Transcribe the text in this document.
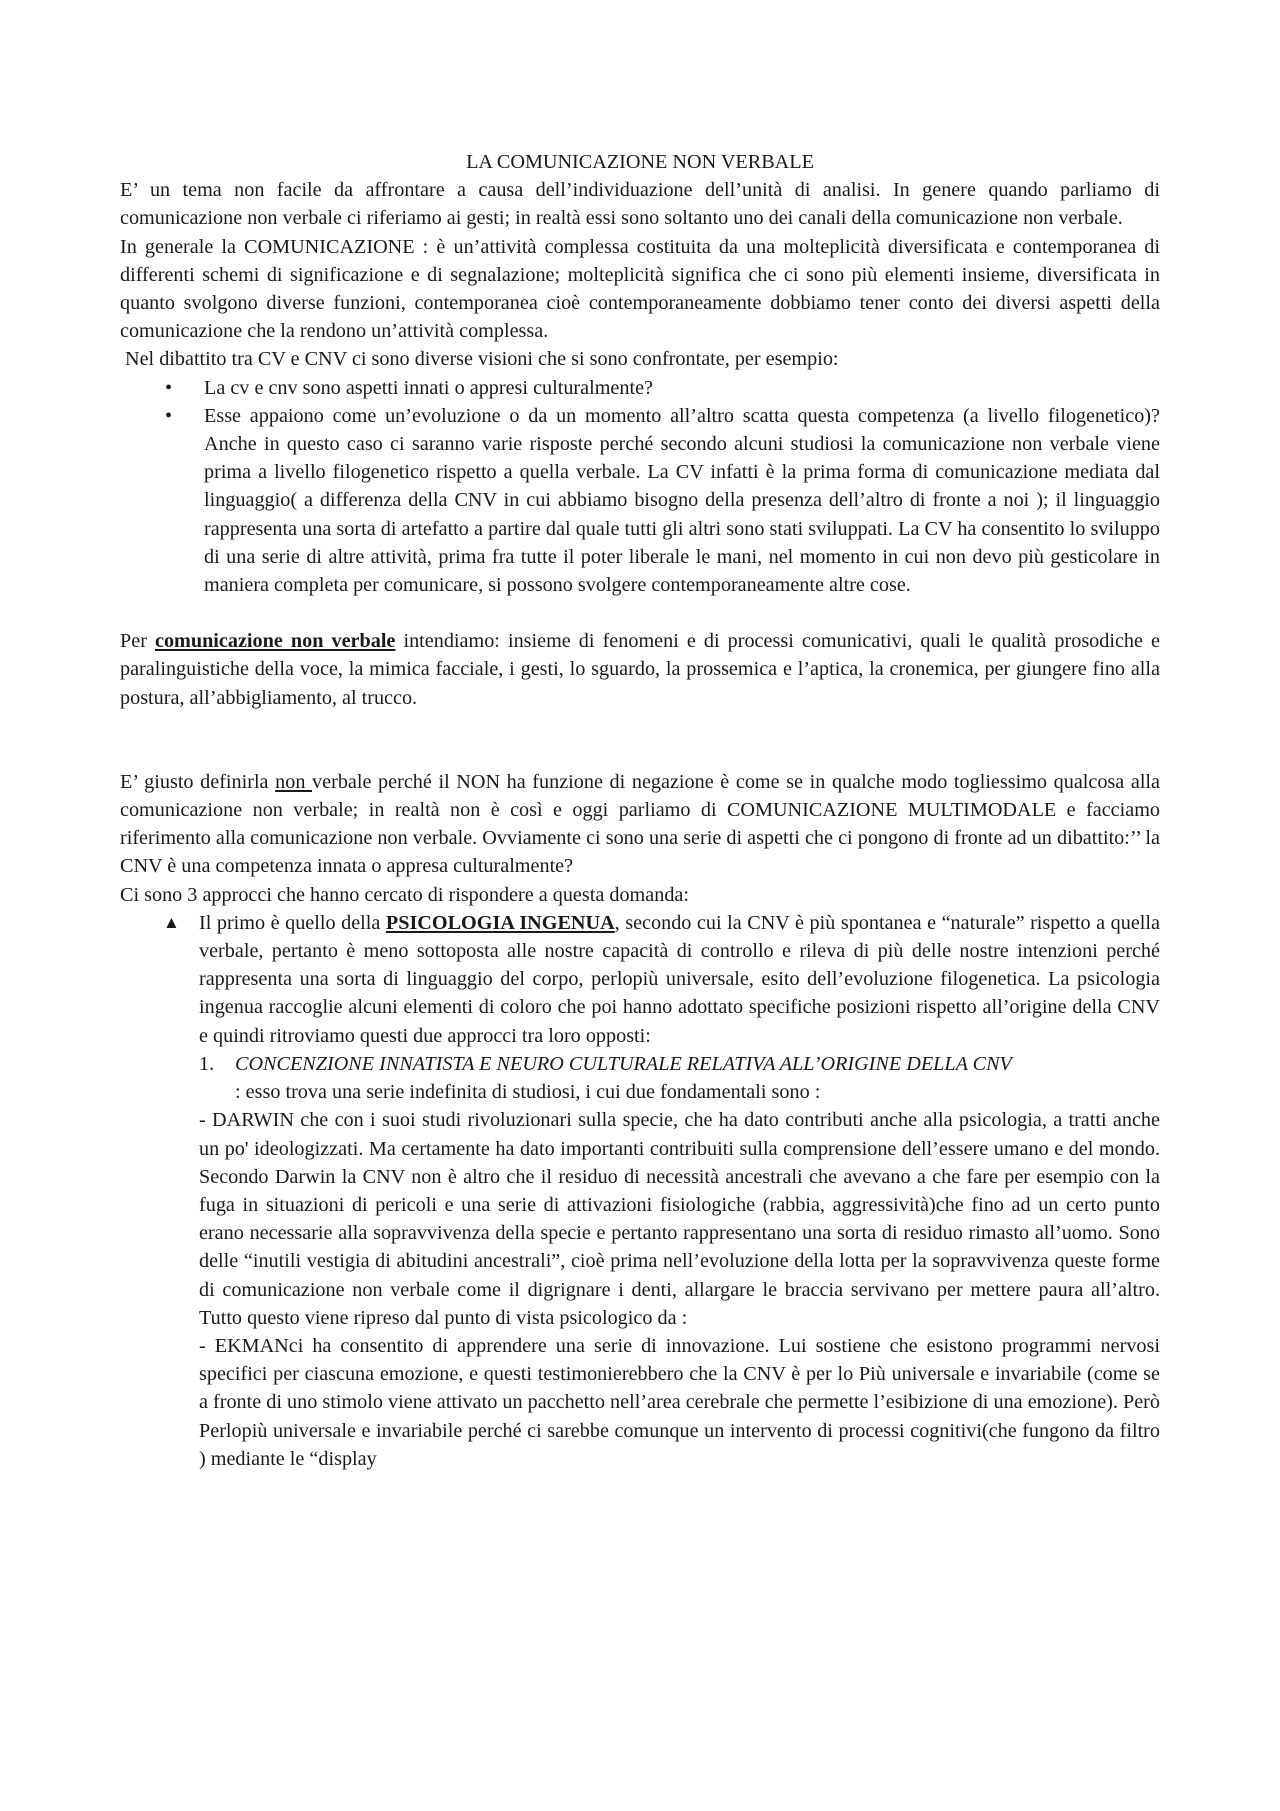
LA COMUNICAZIONE NON VERBALE

E’ un tema non facile da affrontare a causa dell’individuazione dell’unità di analisi. In genere quando parliamo di comunicazione non verbale ci riferiamo ai gesti; in realtà essi sono soltanto uno dei canali della comunicazione non verbale.

In generale la COMUNICAZIONE : è un’attività complessa costituita da una molteplicità diversificata e contemporanea di differenti schemi di significazione e di segnalazione; molteplicità significa che ci sono più elementi insieme, diversificata in quanto svolgono diverse funzioni, contemporanea cioè contemporaneamente dobbiamo tener conto dei diversi aspetti della comunicazione che la rendono un’attività complessa.

Nel dibattito tra CV e CNV ci sono diverse visioni che si sono confrontate, per esempio:

• La cv e cnv sono aspetti innati o appresi culturalmente?
• Esse appaiono come un’evoluzione o da un momento all’altro scatta questa competenza (a livello filogenetico)?Anche in questo caso ci saranno varie risposte perché secondo alcuni studiosi la comunicazione non verbale viene prima a livello filogenetico rispetto a quella verbale. La CV infatti è la prima forma di comunicazione mediata dal linguaggio( a differenza della CNV in cui abbiamo bisogno della presenza dell’altro di fronte a noi ); il linguaggio rappresenta una sorta di artefatto a partire dal quale tutti gli altri sono stati sviluppati. La CV ha consentito lo sviluppo di una serie di altre attività, prima fra tutte il poter liberale le mani, nel momento in cui non devo più gesticolare in maniera completa per comunicare, si possono svolgere contemporaneamente altre cose.

Per comunicazione non verbale intendiamo: insieme di fenomeni e di processi comunicativi, quali le qualità prosodiche e paralinguistiche della voce, la mimica facciale, i gesti, lo sguardo, la prossemica e l’aptica, la cronemica, per giungere fino alla postura, all’abbigliamento, al trucco.

E’ giusto definirla non verbale perché il NON ha funzione di negazione è come se in qualche modo togliessimo qualcosa alla comunicazione non verbale; in realtà non è così e oggi parliamo di COMUNICAZIONE MULTIMODALE e facciamo riferimento alla comunicazione non verbale. Ovviamente ci sono una serie di aspetti che ci pongono di fronte ad un dibattito:’’ la CNV è una competenza innata o appresa culturalmente?

Ci sono 3 approcci che hanno cercato di rispondere a questa domanda:

▲ Il primo è quello della PSICOLOGIA INGENUA, secondo cui la CNV è più spontanea e “naturale” rispetto a quella verbale, pertanto è meno sottoposta alle nostre capacità di controllo e rileva di più delle nostre intenzioni perché rappresenta una sorta di linguaggio del corpo, perlopiù universale, esito dell’evoluzione filogenetica. La psicologia ingenua raccoglie alcuni elementi di coloro che poi hanno adottato specifiche posizioni rispetto all’origine della CNV e quindi ritroviamo questi due approcci tra loro opposti:
1. CONCENZIONE INNATISTA E NEURO CULTURALE RELATIVA ALL’ORIGINE DELLA CNV

: esso trova una serie indefinita di studiosi, i cui due fondamentali sono :

- DARWIN che con i suoi studi rivoluzionari sulla specie, che ha dato contributi anche alla psicologia, a tratti anche un po' ideologizzati. Ma certamente ha dato importanti contribuiti sulla comprensione dell’essere umano e del mondo. Secondo Darwin la CNV non è altro che il residuo di necessità ancestrali che avevano a che fare per esempio con la fuga in situazioni di pericoli e una serie di attivazioni fisiologiche (rabbia, aggressività)che fino ad un certo punto erano necessarie alla sopravvivenza della specie e pertanto rappresentano una sorta di residuo rimasto all’uomo. Sono delle “inutili vestigia di abitudini ancestrali”, cioè prima nell’evoluzione della lotta per la sopravvivenza queste forme di comunicazione non verbale come il digrignare i denti, allargare le braccia servivano per mettere paura all’altro. Tutto questo viene ripreso dal punto di vista psicologico da :

- EKMANci ha consentito di apprendere una serie di innovazione. Lui sostiene che esistono programmi nervosi specifici per ciascuna emozione, e questi testimonierebbero che la CNV è per lo Più universale e invariabile (come se a fronte di uno stimolo viene attivato un pacchetto nell’area cerebrale che permette l’esibizione di una emozione). Però Perlopiù universale e invariabile perché ci sarebbe comunque un intervento di processi cognitivi(che fungono da filtro ) mediante le “display
